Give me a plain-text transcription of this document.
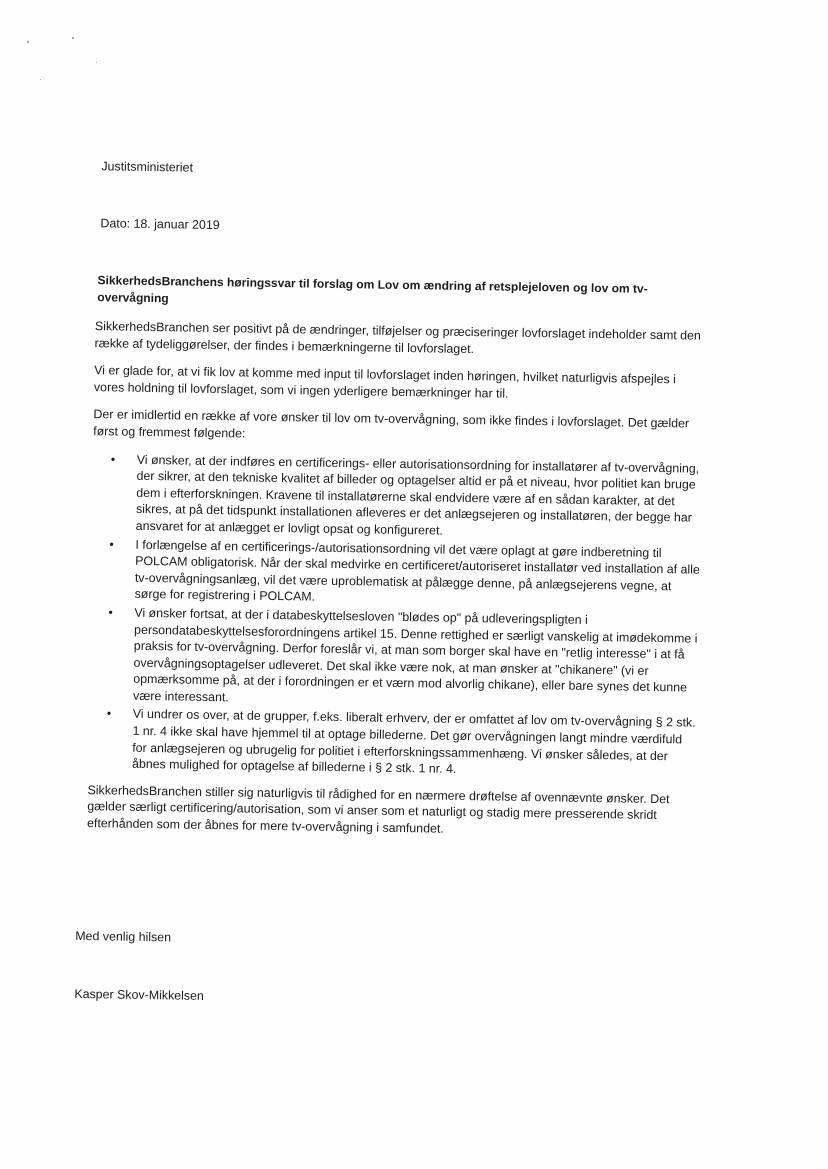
Justitsministeriet

Dato: 18. januar 2019

SikkerhedsBranchens høringssvar til forslag om Lov om ændring af retsplejeloven og lov om tv-overvågning

SikkerhedsBranchen ser positivt på de ændringer, tilføjelser og præciseringer lovforslaget indeholder samt den række af tydeliggørelser, der findes i bemærkningerne til lovforslaget.

Vi er glade for, at vi fik lov at komme med input til lovforslaget inden høringen, hvilket naturligvis afspejles i vores holdning til lovforslaget, som vi ingen yderligere bemærkninger har til.

Der er imidlertid en række af vore ønsker til lov om tv-overvågning, som ikke findes i lovforslaget. Det gælder først og fremmest følgende:

• Vi ønsker, at der indføres en certificerings- eller autorisationsordning for installatører af tv-overvågning, der sikrer, at den tekniske kvalitet af billeder og optagelser altid er på et niveau, hvor politiet kan bruge dem i efterforskningen. Kravene til installatørerne skal endvidere være af en sådan karakter, at det sikres, at på det tidspunkt installationen afleveres er det anlægsejeren og installatøren, der begge har ansvaret for at anlægget er lovligt opsat og konfigureret.
• I forlængelse af en certificerings-/autorisationsordning vil det være oplagt at gøre indberetning til POLCAM obligatorisk. Når der skal medvirke en certificeret/autoriseret installatør ved installation af alle tv-overvågningsanlæg, vil det være uproblematisk at pålægge denne, på anlægsejerens vegne, at sørge for registrering i POLCAM.
• Vi ønsker fortsat, at der i databeskyttelsesloven "blødes op" på udleveringspligten i persondatabeskyttelsesforordningens artikel 15. Denne rettighed er særligt vanskelig at imødekomme i praksis for tv-overvågning. Derfor foreslår vi, at man som borger skal have en "retlig interesse" i at få overvågningsoptagelser udleveret. Det skal ikke være nok, at man ønsker at "chikanere" (vi er opmærksomme på, at der i forordningen er et værn mod alvorlig chikane), eller bare synes det kunne være interessant.
• Vi undrer os over, at de grupper, f.eks. liberalt erhverv, der er omfattet af lov om tv-overvågning § 2 stk. 1 nr. 4 ikke skal have hjemmel til at optage billederne. Det gør overvågningen langt mindre værdifuld for anlægsejeren og ubrugelig for politiet i efterforskningssammenhæng. Vi ønsker således, at der åbnes mulighed for optagelse af billederne i § 2 stk. 1 nr. 4.

SikkerhedsBranchen stiller sig naturligvis til rådighed for en nærmere drøftelse af ovennævnte ønsker. Det gælder særligt certificering/autorisation, som vi anser som et naturligt og stadig mere presserende skridt efterhånden som der åbnes for mere tv-overvågning i samfundet.

Med venlig hilsen

Kasper Skov-Mikkelsen
